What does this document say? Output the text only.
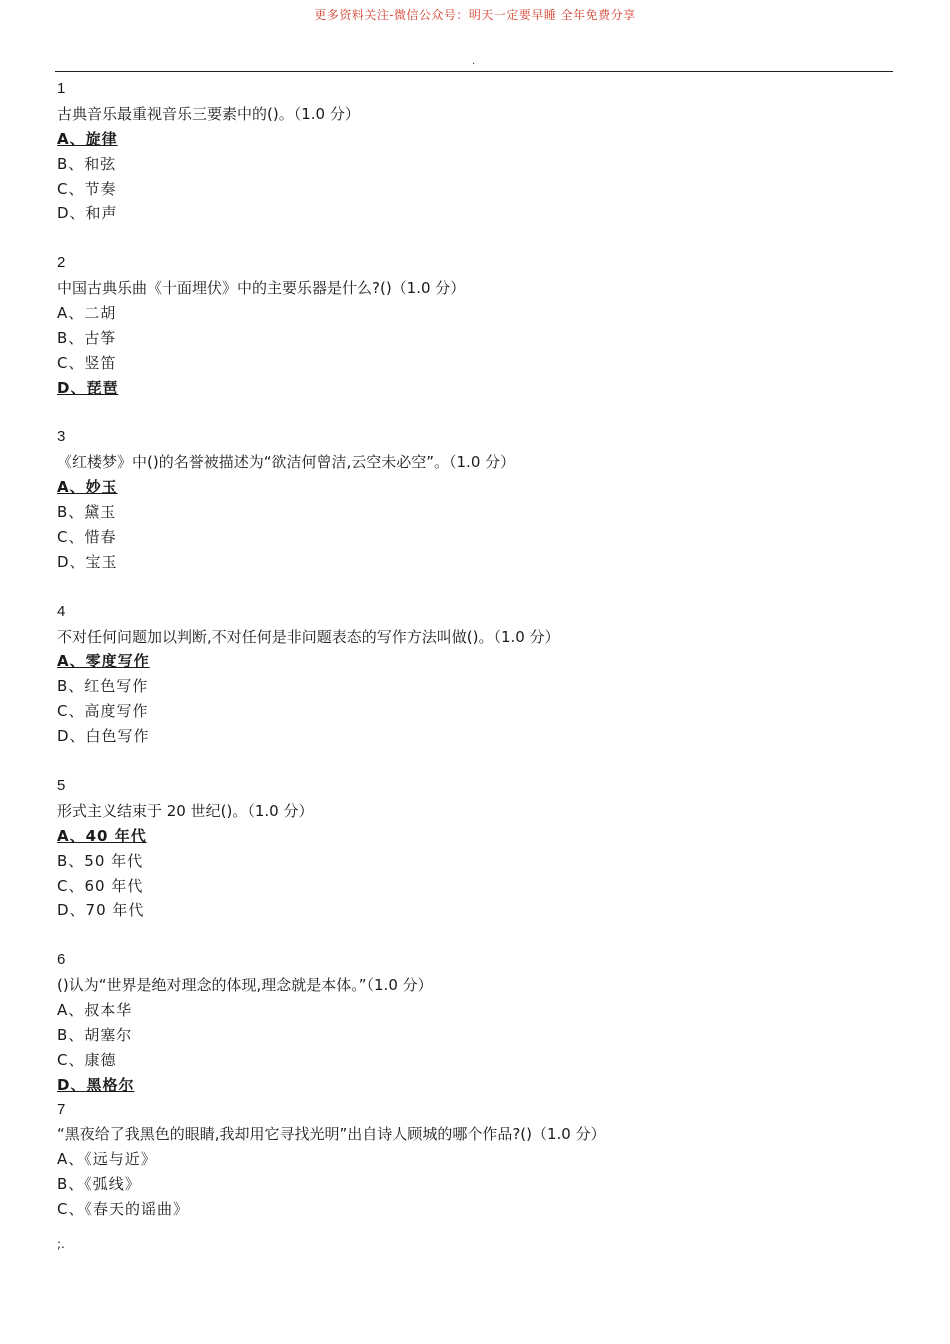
更多资料关注-微信公众号：明天一定要早睡 全年免费分享
.
1
古典音乐最重视音乐三要素中的()。（1.0 分）
A、旋律
B、和弦
C、节奏
D、和声
2
中国古典乐曲《十面埋伏》中的主要乐器是什么?()（1.0 分）
A、二胡
B、古筝
C、竖笛
D、琵琶
3
《红楼梦》中()的名誉被描述为“欲洁何曾洁,云空未必空”。（1.0 分）
A、妙玉
B、黛玉
C、惜春
D、宝玉
4
不对任何问题加以判断,不对任何是非问题表态的写作方法叫做()。（1.0 分）
A、零度写作
B、红色写作
C、高度写作
D、白色写作
5
形式主义结束于 20 世纪()。（1.0 分）
A、40 年代
B、50 年代
C、60 年代
D、70 年代
6
()认为“世界是绝对理念的体现,理念就是本体。”（1.0 分）
A、叔本华
B、胡塞尔
C、康德
D、黑格尔
7
“黑夜给了我黑色的眼睛,我却用它寻找光明”出自诗人顾城的哪个作品?()（1.0 分）
A、《远与近》
B、《弧线》
C、《春天的谣曲》
;.
